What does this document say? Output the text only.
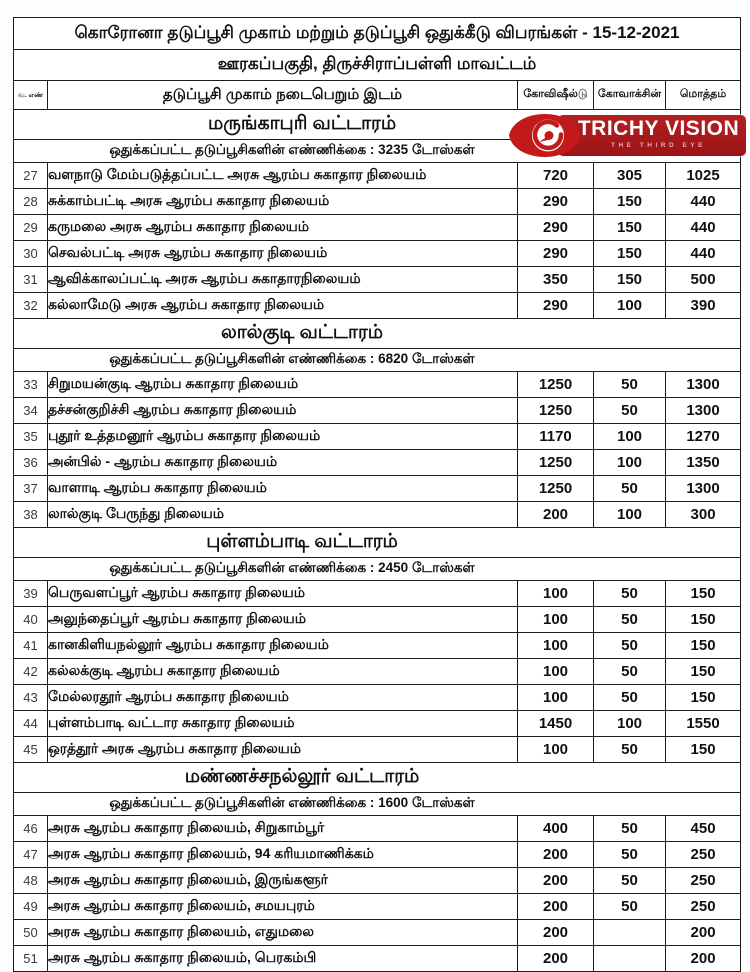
கொரோனா தடுப்பூசி முகாம் மற்றும் தடுப்பூசி ஒதுக்கீடு விபரங்கள் - 15-12-2021				
ஊரகப்பகுதி, திருச்சிராப்பள்ளி மாவட்டம்				
வ. எண்	தடுப்பூசி முகாம் நடைபெறும் இடம்	கோவிஷீல்டு	கோவாக்சின்	மொத்தம்
மருங்காபுரி வட்டாரம்				
ஒதுக்கப்பட்ட தடுப்பூசிகளின் எண்ணிக்கை : 3235 டோஸ்கள்				
27	வளநாடு மேம்படுத்தப்பட்ட அரசு ஆரம்ப சுகாதார நிலையம்	720	305	1025
28	சுக்காம்பட்டி அரசு ஆரம்ப சுகாதார நிலையம்	290	150	440
29	கருமலை அரசு ஆரம்ப சுகாதார நிலையம்	290	150	440
30	செவல்பட்டி அரசு ஆரம்ப சுகாதார நிலையம்	290	150	440
31	ஆவிக்காலப்பட்டி அரசு ஆரம்ப சுகாதாரநிலையம்	350	150	500
32	கல்லாமேடு அரசு ஆரம்ப சுகாதார நிலையம்	290	100	390
லால்குடி வட்டாரம்				
ஒதுக்கப்பட்ட தடுப்பூசிகளின் எண்ணிக்கை : 6820 டோஸ்கள்				
33	சிறுமயன்குடி ஆரம்ப சுகாதார நிலையம்	1250	50	1300
34	தச்சன்குறிச்சி ஆரம்ப சுகாதார நிலையம்	1250	50	1300
35	புதூர் உத்தமனூர் ஆரம்ப சுகாதார நிலையம்	1170	100	1270
36	அன்பில் - ஆரம்ப சுகாதார நிலையம்	1250	100	1350
37	வாளாடி ஆரம்ப சுகாதார நிலையம்	1250	50	1300
38	லால்குடி பேருந்து நிலையம்	200	100	300
புள்ளம்பாடி வட்டாரம்				
ஒதுக்கப்பட்ட தடுப்பூசிகளின் எண்ணிக்கை : 2450 டோஸ்கள்				
39	பெருவளப்பூர் ஆரம்ப சுகாதார நிலையம்	100	50	150
40	அலுந்தைப்பூர் ஆரம்ப சுகாதார நிலையம்	100	50	150
41	கானகிளியநல்லூர் ஆரம்ப சுகாதார நிலையம்	100	50	150
42	கல்லக்குடி ஆரம்ப சுகாதார நிலையம்	100	50	150
43	மேல்லரதூர் ஆரம்ப சுகாதார நிலையம்	100	50	150
44	புள்ளம்பாடி வட்டார சுகாதார நிலையம்	1450	100	1550
45	ஒரத்தூர் அரசு ஆரம்ப சுகாதார நிலையம்	100	50	150
மண்ணச்சநல்லூர் வட்டாரம்				
ஒதுக்கப்பட்ட தடுப்பூசிகளின் எண்ணிக்கை : 1600 டோஸ்கள்				
46	அரசு ஆரம்ப சுகாதார நிலையம், சிறுகாம்பூர்	400	50	450
47	அரசு ஆரம்ப சுகாதார நிலையம், 94 கரியமாணிக்கம்	200	50	250
48	அரசு ஆரம்ப சுகாதார நிலையம், இருங்களூர்	200	50	250
49	அரசு ஆரம்ப சுகாதார நிலையம், சமயபுரம்	200	50	250
50	அரசு ஆரம்ப சுகாதார நிலையம், எதுமலை	200		200
51	அரசு ஆரம்ப சுகாதார நிலையம், பெரகம்பி	200		200
TRICHY VISION
THE THIRD EYE
